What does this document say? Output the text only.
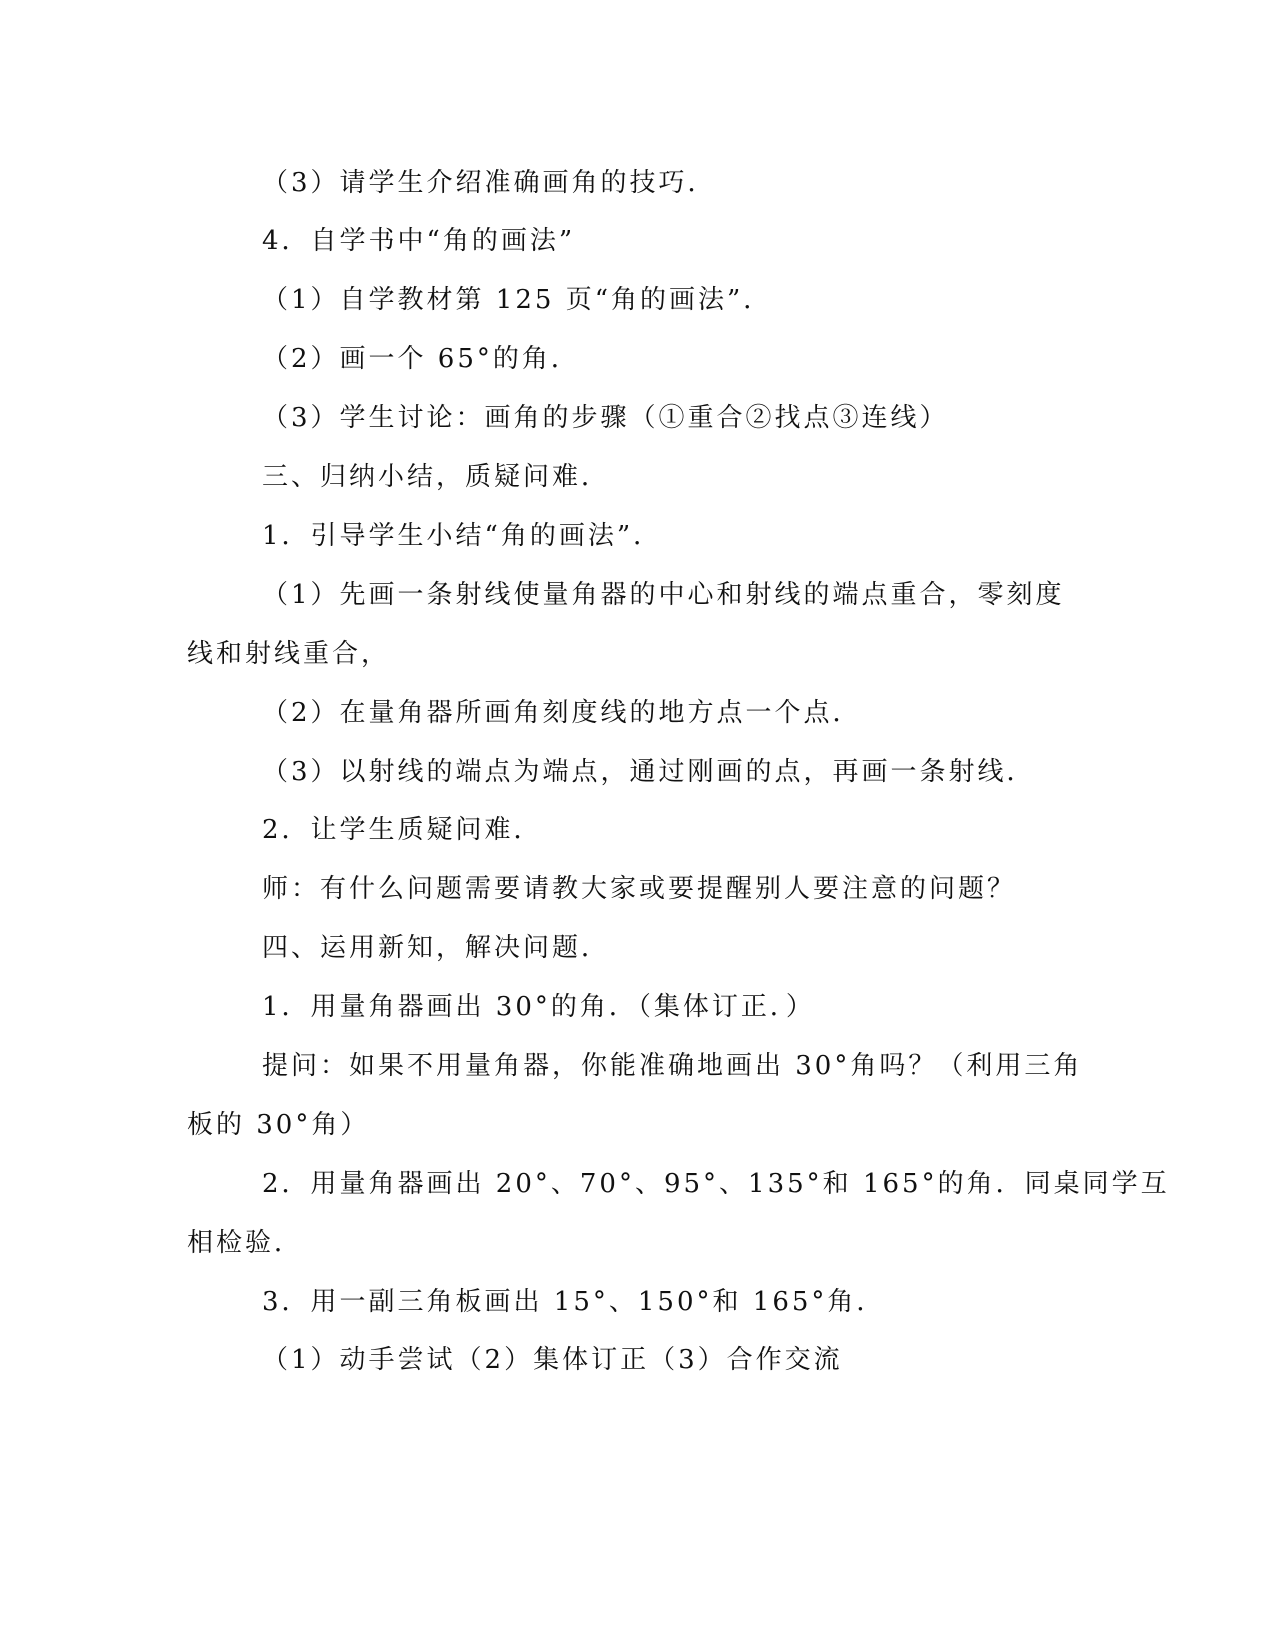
（3）请学生介绍准确画角的技巧．
4．自学书中“角的画法”
（1）自学教材第 125 页“角的画法”．
（2）画一个 65°的角．
（3）学生讨论：画角的步骤（①重合②找点③连线）
三、归纳小结，质疑问难．
1．引导学生小结“角的画法”．
（1）先画一条射线使量角器的中心和射线的端点重合，零刻度
线和射线重合，
（2）在量角器所画角刻度线的地方点一个点．
（3）以射线的端点为端点，通过刚画的点，再画一条射线．
2．让学生质疑问难．
师：有什么问题需要请教大家或要提醒别人要注意的问题？
四、运用新知，解决问题．
1．用量角器画出 30°的角．（集体订正．）
提问：如果不用量角器，你能准确地画出 30°角吗？（利用三角
板的 30°角）
2．用量角器画出 20°、70°、95°、135°和 165°的角．同桌同学互
相检验．
3．用一副三角板画出 15°、150°和 165°角．
（1）动手尝试（2）集体订正（3）合作交流
